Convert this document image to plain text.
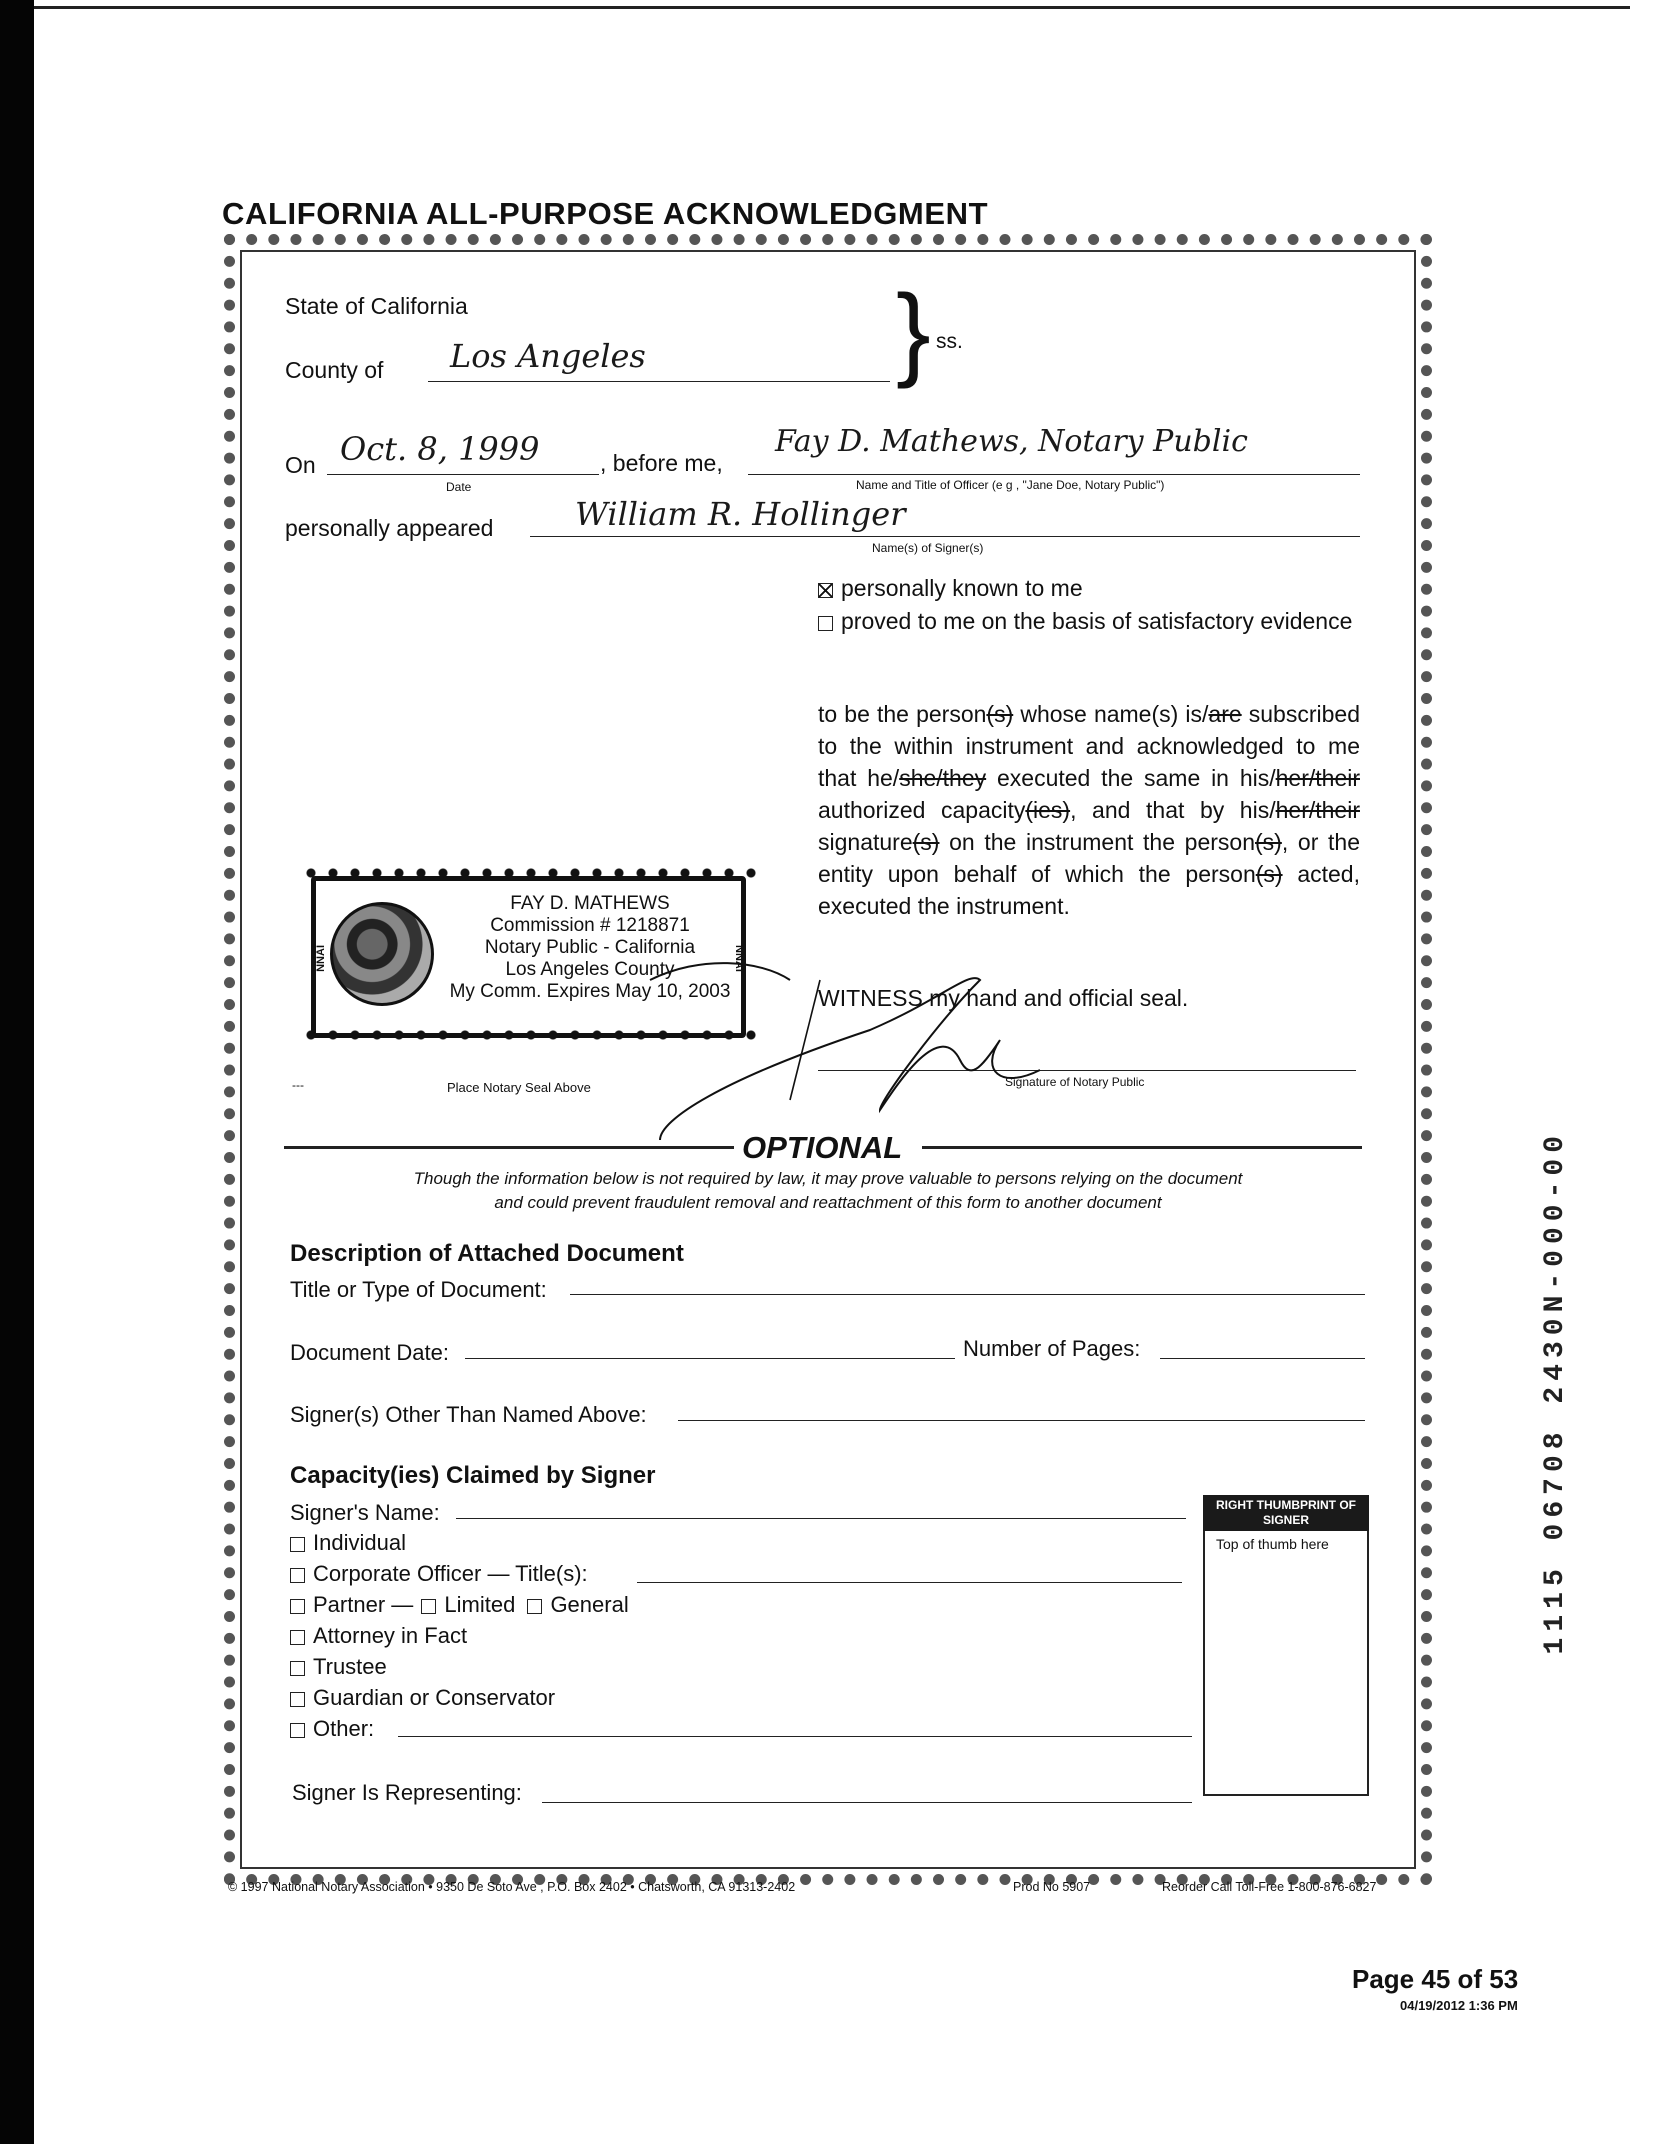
CALIFORNIA ALL-PURPOSE ACKNOWLEDGMENT
State of California
County of Los Angeles } ss.
On Oct. 8, 1999
Date
, before me,
Fay D. Mathews, Notary Public
Name and Title of Officer (e g , "Jane Doe, Notary Public")
personally appeared	William R. Hollinger
Name(s) of Signer(s)
personally known to me
proved to me on the basis of satisfactory evidence
to be the person(s) whose name(s) is/are subscribed to the within instrument and acknowledged to me that he/she/they executed the same in his/her/their authorized capacity(ies), and that by his/her/their signature(s) on the instrument the person(s), or the entity upon behalf of which the person(s) acted, executed the instrument.
WITNESS my hand and official seal.
Signature of Notary Public
NNAI	NNAI
FAY D. MATHEWS
Commission # 1218871
Notary Public - California
Los Angeles County
My Comm. Expires May 10, 2003
---	Place Notary Seal Above
OPTIONAL
Though the information below is not required by law, it may prove valuable to persons relying on the document
and could prevent fraudulent removal and reattachment of this form to another document
Description of Attached Document
Title or Type of Document:
Document Date:	Number of Pages:
Signer(s) Other Than Named Above:
Capacity(ies) Claimed by Signer
Signer's Name:
Individual
Corporate Officer — Title(s):
Partner — Limited General
Attorney in Fact
Trustee
Guardian or Conservator
Other:
Signer Is Representing:
RIGHT THUMBPRINT OF SIGNER
Top of thumb here
© 1997 National Notary Association • 9350 De Soto Ave , P.O. Box 2402 • Chatsworth, CA 91313-2402	Prod No 5907	Reorder Call Toll-Free 1-800-876-6827
Page 45 of 53
04/19/2012 1:36 PM
1115 06708 2430N-000-00
